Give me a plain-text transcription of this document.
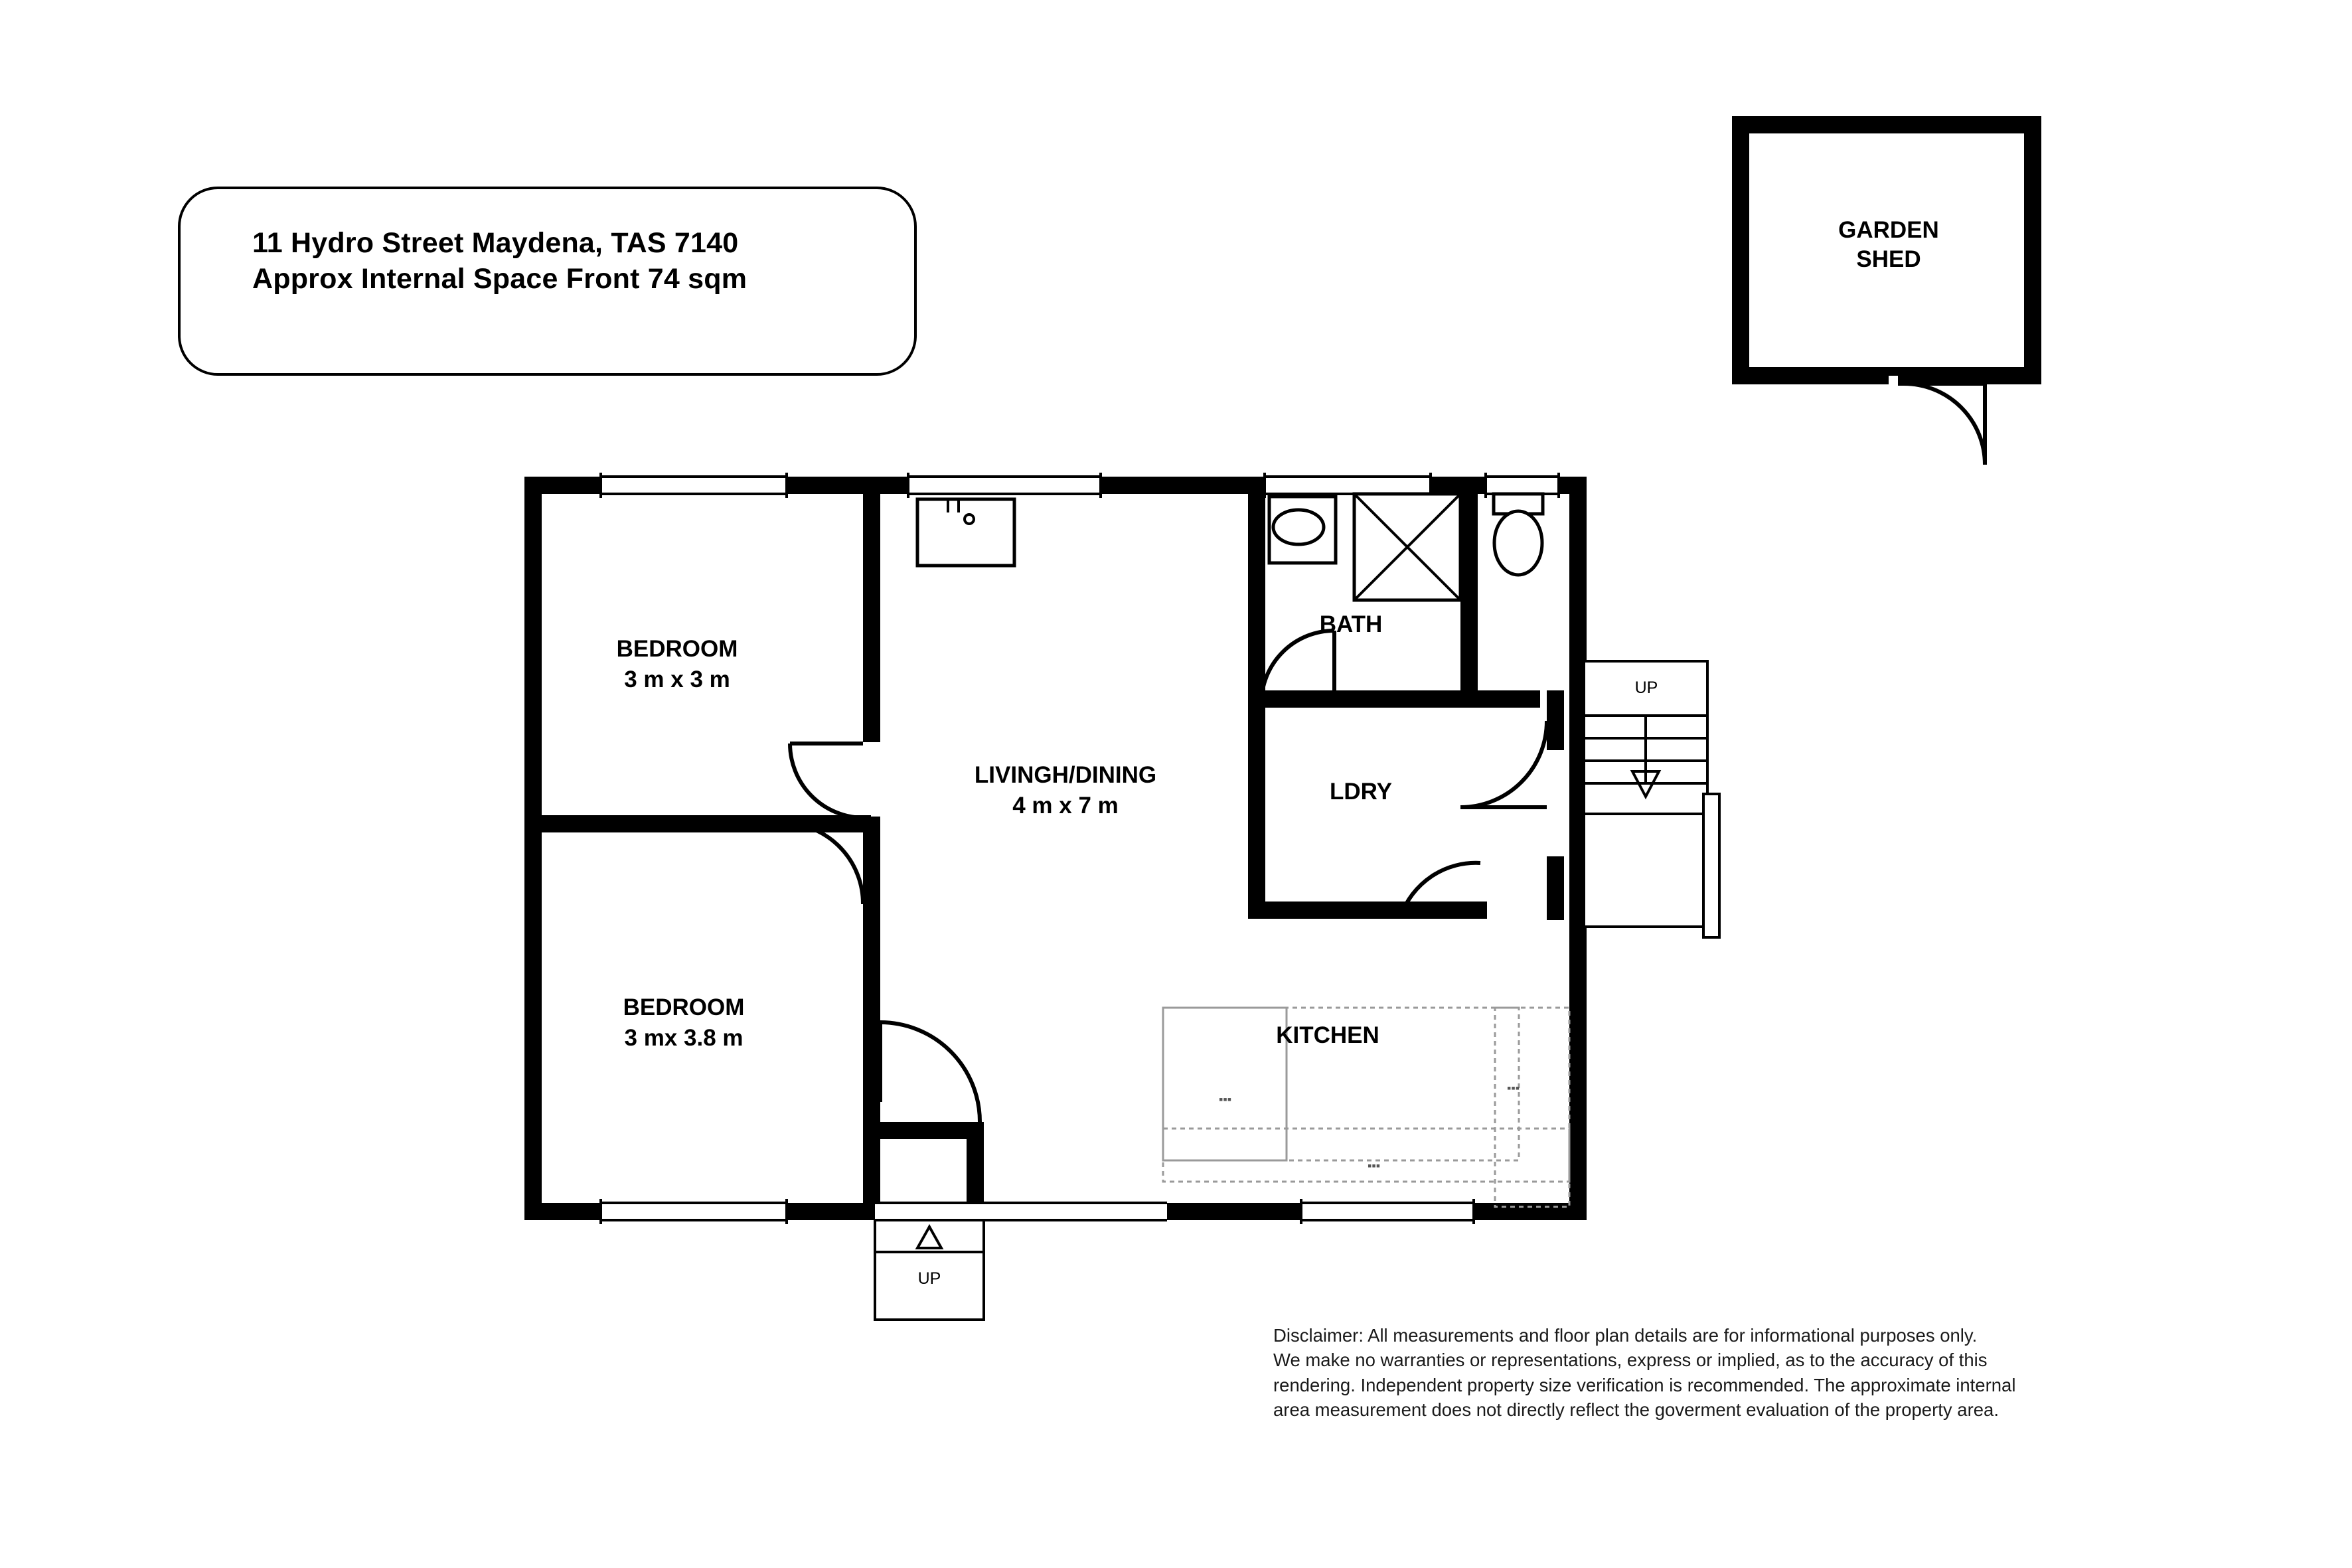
▪▪▪
▪▪▪
▪▪▪
11 Hydro Street Maydena, TAS 7140
Approx Internal Space Front 74 sqm
BEDROOM
3 m x 3 m
BEDROOM
3 mx 3.8 m
LIVINGH/DINING
4 m x 7 m
BATH
LDRY
KITCHEN
GARDEN
SHED
UP
UP
Disclaimer: All measurements and floor plan details are for informational purposes only.
We make no warranties or representations, express or implied, as to the accuracy of this
rendering. Independent property size verification is recommended. The approximate internal
area measurement does not directly reflect the goverment evaluation of the property area.
